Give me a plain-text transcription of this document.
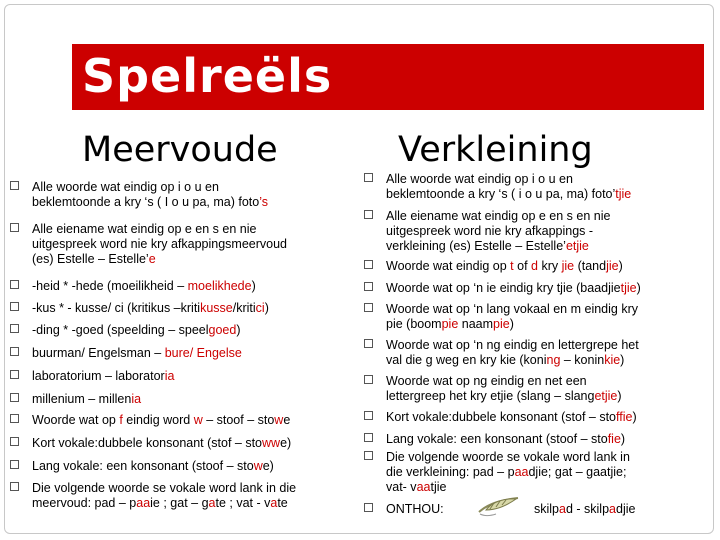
Spelreëls
Meervoude	Verkleining
Alle woorde wat eindig op i o u en
beklemtoonde a kry ‘s ( I o u pa, ma) foto’s
Alle eiename wat eindig op e en s en nie
uitgespreek word nie kry afkappingsmeervoud
(es) Estelle – Estelle’e
-heid * -hede (moeilikheid – moelikhede)
-kus * - kusse/ ci (kritikus –kritikusse/kritici)
-ding * -goed (speelding – speelgoed)
buurman/ Engelsman – bure/ Engelse
laboratorium – laboratoria
millenium – millenia
Woorde wat op f eindig word w – stoof – stowe
Kort vokale:dubbele konsonant (stof – stowwe)
Lang vokale: een konsonant (stoof – stowe)
Die volgende woorde se vokale word lank in die
meervoud: pad – paaie ; gat – gate ; vat - vate
Alle woorde wat eindig op i o u en
beklemtoonde a kry ‘s ( i o u pa, ma) foto’tjie
Alle eiename wat eindig op e en s en nie
uitgespreek word nie kry afkappings -
verkleining (es) Estelle – Estelle’etjie
Woorde wat eindig op t of d kry jie (tandjie)
Woorde wat op ‘n ie eindig kry tjie (baadjietjie)
Woorde wat op ‘n lang vokaal en m eindig kry
pie (boompie naampie)
Woorde wat op ‘n ng eindig en lettergrepe het
val die g weg en kry kie (koning – koninkie)
Woorde wat op ng eindig en net een
lettergreep het kry etjie (slang – slangetjie)
Kort vokale:dubbele konsonant (stof – stoffie)
Lang vokale: een konsonant (stoof – stofie)
Die volgende woorde se vokale word lank in
die verkleining: pad – paadjie; gat – gaatjie;
vat- vaatjie
ONTHOU:	skilpad - skilpadjie
